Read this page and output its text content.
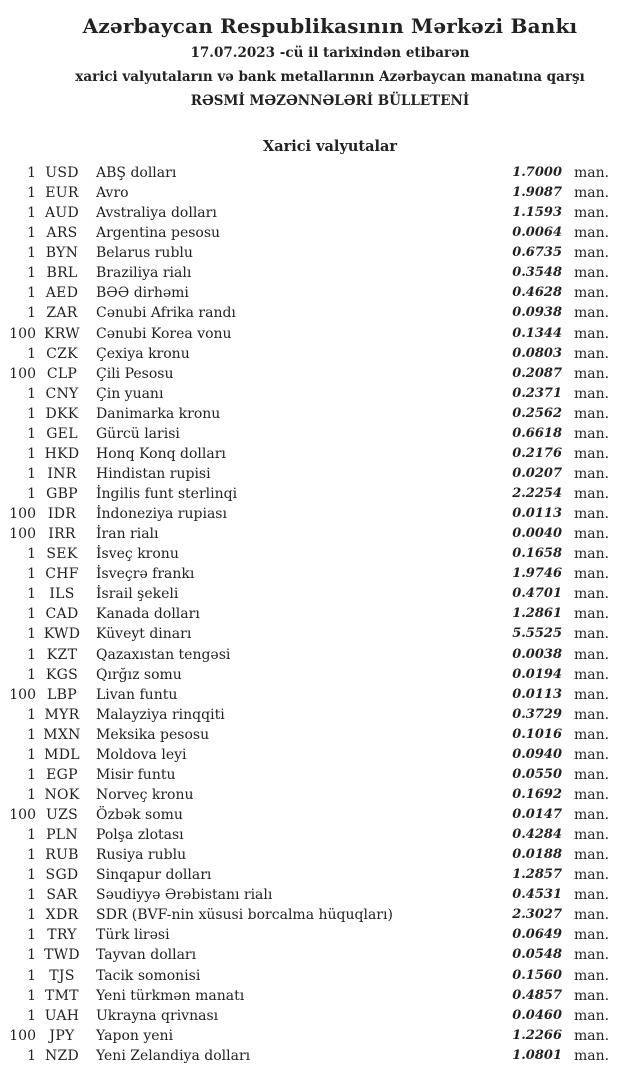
Azərbaycan Respublikasının Mərkəzi Bankı
17.07.2023 -cü il tarixindən etibarən
xarici valyutaların və bank metallarının Azərbaycan manatına qarşı
RƏSMİ MƏZƏNNƏLƏRİ BÜLLETENİ
Xarici valyutalar
1 USD	ABŞ dolları	1.7000 man.
1 EUR	Avro	1.9087 man.
1 AUD	Avstraliya dolları	1.1593 man.
1 ARS	Argentina pesosu	0.0064 man.
1 BYN	Belarus rublu	0.6735 man.
1 BRL	Braziliya rialı	0.3548 man.
1 AED	BƏƏ dirhəmi	0.4628 man.
1 ZAR	Cənubi Afrika randı	0.0938 man.
100 KRW	Cənubi Korea vonu	0.1344 man.
1 CZK	Çexiya kronu	0.0803 man.
100 CLP	Çili Pesosu	0.2087 man.
1 CNY	Çin yuanı	0.2371 man.
1 DKK	Danimarka kronu	0.2562 man.
1 GEL	Gürcü larisi	0.6618 man.
1 HKD	Honq Konq dolları	0.2176 man.
1 INR	Hindistan rupisi	0.0207 man.
1 GBP	İngilis funt sterlinqi	2.2254 man.
100 IDR	İndoneziya rupiası	0.0113 man.
100 IRR	İran rialı	0.0040 man.
1 SEK	İsveç kronu	0.1658 man.
1 CHF	İsveçrə frankı	1.9746 man.
1 ILS	İsrail şekeli	0.4701 man.
1 CAD	Kanada dolları	1.2861 man.
1 KWD	Küveyt dinarı	5.5525 man.
1 KZT	Qazaxıstan tengəsi	0.0038 man.
1 KGS	Qırğız somu	0.0194 man.
100 LBP	Livan funtu	0.0113 man.
1 MYR	Malayziya rinqqiti	0.3729 man.
1 MXN	Meksika pesosu	0.1016 man.
1 MDL	Moldova leyi	0.0940 man.
1 EGP	Misir funtu	0.0550 man.
1 NOK	Norveç kronu	0.1692 man.
100 UZS	Özbək somu	0.0147 man.
1 PLN	Polşa zlotası	0.4284 man.
1 RUB	Rusiya rublu	0.0188 man.
1 SGD	Sinqapur dolları	1.2857 man.
1 SAR	Səudiyyə Ərəbistanı rialı	0.4531 man.
1 XDR	SDR (BVF-nin xüsusi borcalma hüquqları)	2.3027 man.
1 TRY	Türk lirəsi	0.0649 man.
1 TWD	Tayvan dolları	0.0548 man.
1 TJS	Tacik somonisi	0.1560 man.
1 TMT	Yeni türkmən manatı	0.4857 man.
1 UAH	Ukrayna qrivnası	0.0460 man.
100 JPY	Yapon yeni	1.2266 man.
1 NZD	Yeni Zelandiya dolları	1.0801 man.
